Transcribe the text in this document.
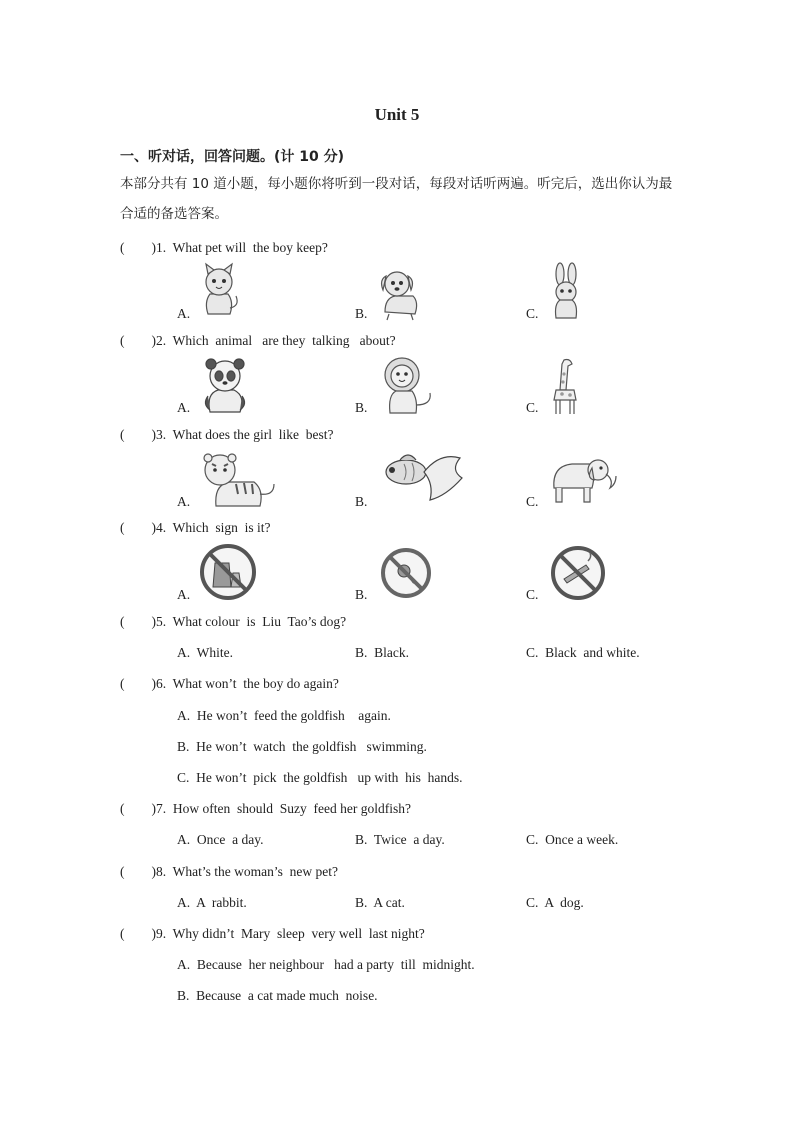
Unit 5
一、听对话，回答问题。(计 10 分)
本部分共有 10 道小题，每小题你将听到一段对话，每段对话听两遍。听完后，选出你认为最合适的备选答案。
(        )1.  What pet will  the boy keep?
A.	B.	C.
(        )2.  Which  animal   are they  talking   about?
A.	B.	C.
(        )3.  What does the girl  like  best?
A.	B.	C.
(        )4.  Which  sign  is it?
A.	B.	C.
(        )5.  What colour  is  Liu  Tao’s dog?
A.  White.	B.  Black.	C.  Black  and white.
(        )6.  What won’t  the boy do again?
A.  He won’t  feed the goldfish    again.
B.  He won’t  watch  the goldfish   swimming.
C.  He won’t  pick  the goldfish   up with  his  hands.
(        )7.  How often  should  Suzy  feed her goldfish?
A.  Once  a day.	B.  Twice  a day.	C.  Once a week.
(        )8.  What’s the woman’s  new pet?
A.  A  rabbit.	B.  A cat.	C.  A  dog.
(        )9.  Why didn’t  Mary  sleep  very well  last night?
A.  Because  her neighbour   had a party  till  midnight.
B.  Because  a cat made much  noise.
